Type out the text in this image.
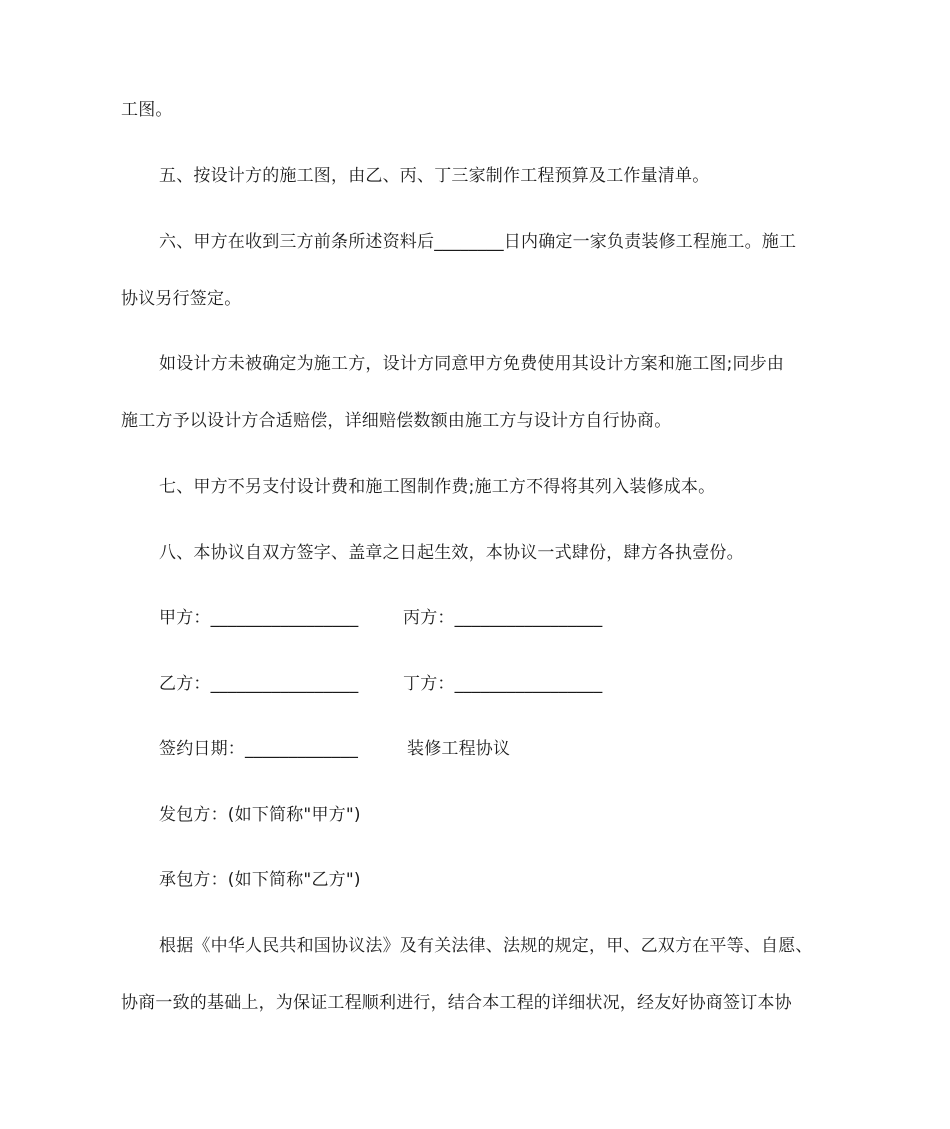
工图。
五、按设计方的施工图，由乙、丙、丁三家制作工程预算及工作量清单。
六、甲方在收到三方前条所述资料后________日内确定一家负责装修工程施工。施工
协议另行签定。
如设计方未被确定为施工方，设计方同意甲方免费使用其设计方案和施工图;同步由
施工方予以设计方合适赔偿，详细赔偿数额由施工方与设计方自行协商。
七、甲方不另支付设计费和施工图制作费;施工方不得将其列入装修成本。
八、本协议自双方签字、盖章之日起生效，本协议一式肆份，肆方各执壹份。
甲方：_________________	丙方：_________________
乙方：_________________	丁方：_________________
签约日期：_____________	装修工程协议
发包方：(如下简称"甲方")
承包方：(如下简称"乙方")
根据《中华人民共和国协议法》及有关法律、法规的规定，甲、乙双方在平等、自愿、
协商一致的基础上，为保证工程顺利进行，结合本工程的详细状况，经友好协商签订本协
